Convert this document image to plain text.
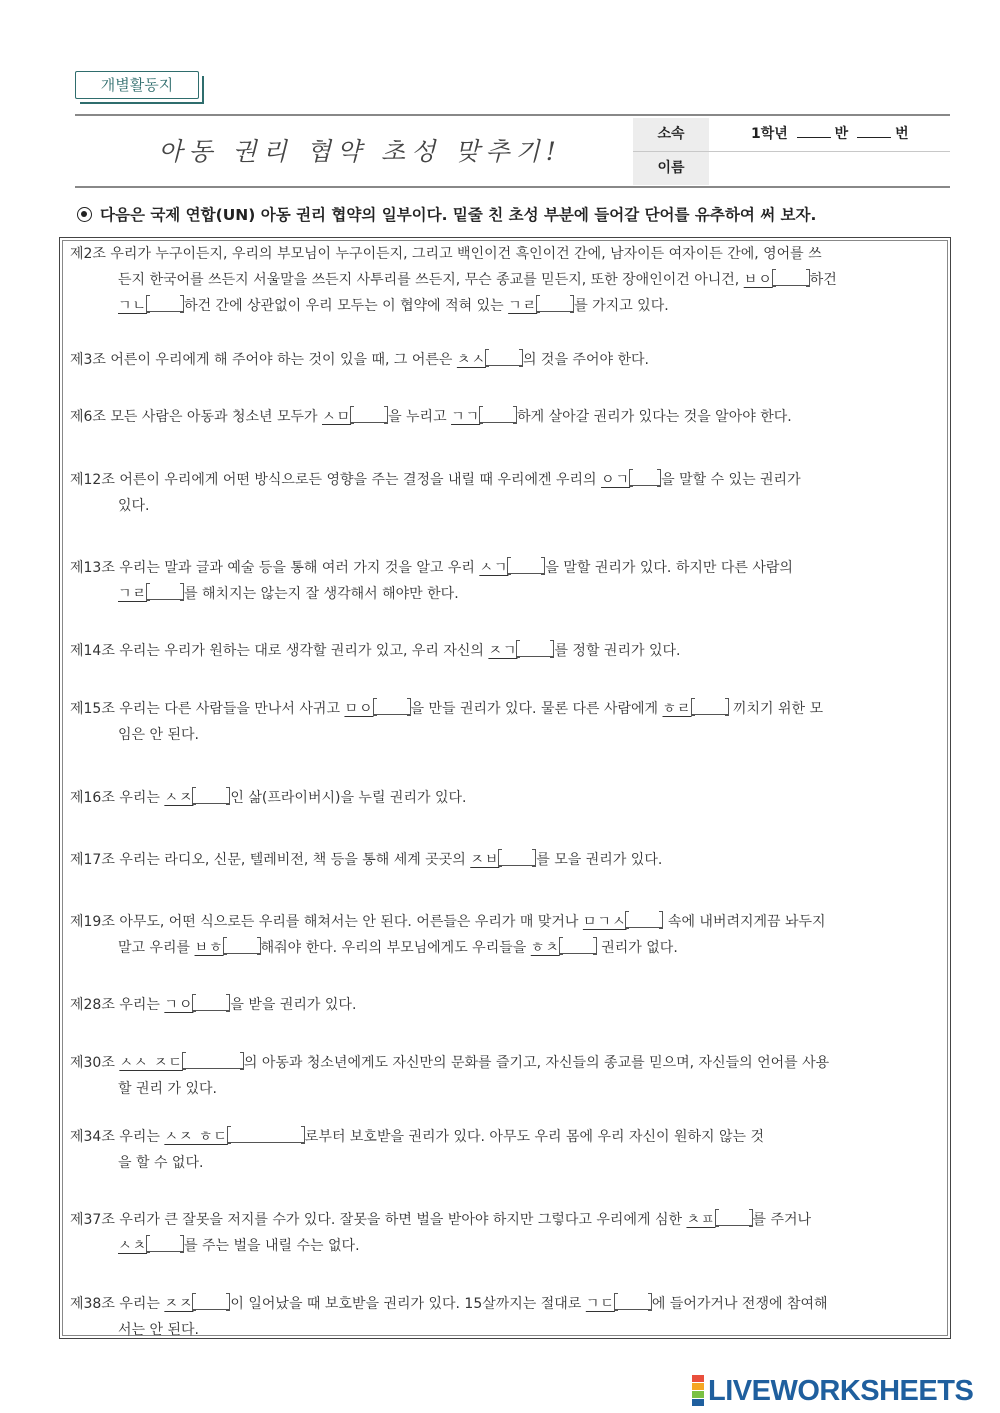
개별활동지
아동 권리 협약 초성 맞추기!
소속	1학년	반	번
이름
다음은 국제 연합(UN) 아동 권리 협약의 일부이다. 밑줄 친 초성 부분에 들어갈 단어를 유추하여 써 보자.
제2조 우리가 누구이든지, 우리의 부모님이 누구이든지, 그리고 백인이건 흑인이건 간에, 남자이든 여자이든 간에, 영어를 쓰
든지 한국어를 쓰든지 서울말을 쓰든지 사투리를 쓰든지, 무슨 종교를 믿든지, 또한 장애인이건 아니건, ㅂㅇ	하건
ㄱㄴ	하건 간에 상관없이 우리 모두는 이 협약에 적혀 있는 ㄱㄹ	를 가지고 있다.
제3조 어른이 우리에게 해 주어야 하는 것이 있을 때, 그 어른은 ㅊㅅ	의 것을 주어야 한다.
제6조 모든 사람은 아동과 청소년 모두가 ㅅㅁ	을 누리고 ㄱㄱ	하게 살아갈 권리가 있다는 것을 알아야 한다.
제12조 어른이 우리에게 어떤 방식으로든 영향을 주는 결정을 내릴 때 우리에겐 우리의 ㅇㄱ 을 말할 수 있는 권리가
있다.
제13조 우리는 말과 글과 예술 등을 통해 여러 가지 것을 알고 우리 ㅅㄱ	을 말할 권리가 있다. 하지만 다른 사람의
ㄱㄹ	를 해치지는 않는지 잘 생각해서 해야만 한다.
제14조 우리는 우리가 원하는 대로 생각할 권리가 있고, 우리 자신의 ㅈㄱ	를 정할 권리가 있다.
제15조 우리는 다른 사람들을 만나서 사귀고 ㅁㅇ	을 만들 권리가 있다. 물론 다른 사람에게 ㅎㄹ	끼치기 위한 모
임은 안 된다.
제16조 우리는 ㅅㅈ	인 삶(프라이버시)을 누릴 권리가 있다.
제17조 우리는 라디오, 신문, 텔레비전, 책 등을 통해 세계 곳곳의 ㅈㅂ	를 모을 권리가 있다.
제19조 아무도, 어떤 식으로든 우리를 해쳐서는 안 된다. 어른들은 우리가 매 맞거나 ㅁㄱㅅ	속에 내버려지게끔 놔두지
말고 우리를 ㅂㅎ	해줘야 한다. 우리의 부모님에게도 우리들을 ㅎㅊ	권리가 없다.
제28조 우리는 ㄱㅇ	을 받을 권리가 있다.
제30조 ㅅㅅ ㅈㄷ	의 아동과 청소년에게도 자신만의 문화를 즐기고, 자신들의 종교를 믿으며, 자신들의 언어를 사용
할 권리 가 있다.
제34조 우리는 ㅅㅈ ㅎㄷ	로부터 보호받을 권리가 있다. 아무도 우리 몸에 우리 자신이 원하지 않는 것
을 할 수 없다.
제37조 우리가 큰 잘못을 저지를 수가 있다. 잘못을 하면 벌을 받아야 하지만 그렇다고 우리에게 심한 ㅊㅍ	를 주거나
ㅅㅊ	를 주는 벌을 내릴 수는 없다.
제38조 우리는 ㅈㅈ	이 일어났을 때 보호받을 권리가 있다. 15살까지는 절대로 ㄱㄷ	에 들어가거나 전쟁에 참여해
서는 안 된다.
LIVEWORKSHEETS
